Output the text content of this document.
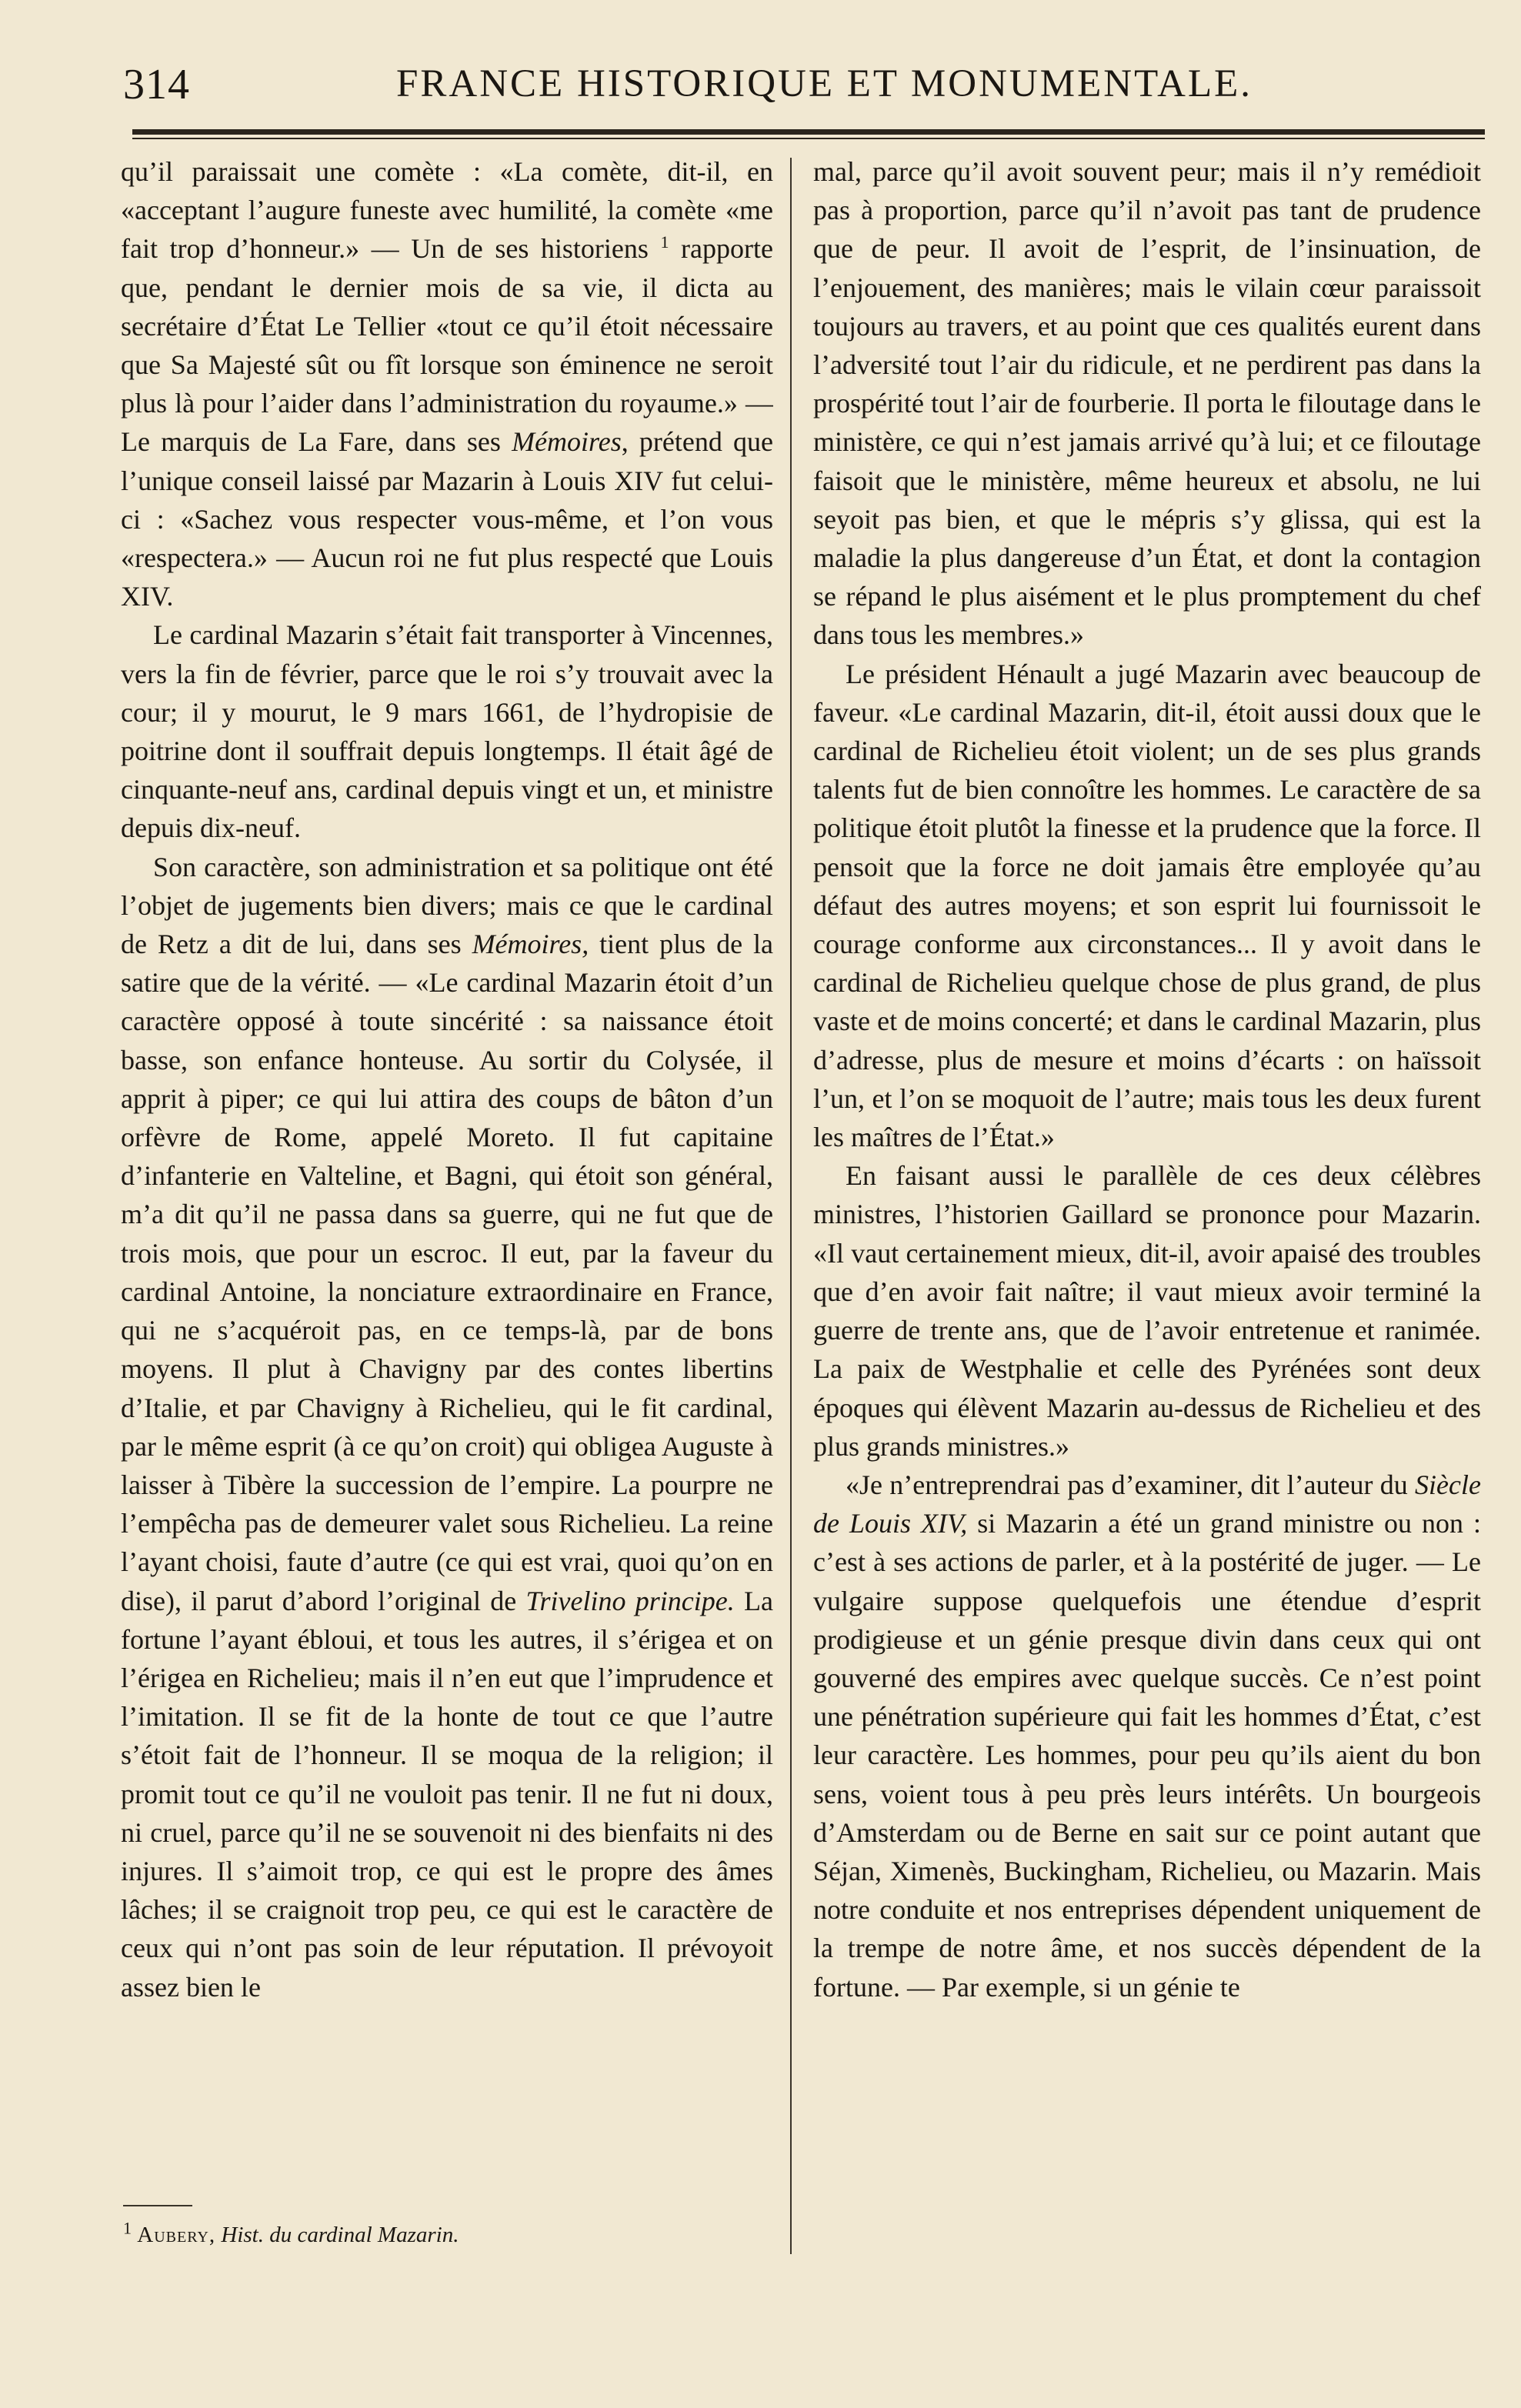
314	FRANCE HISTORIQUE ET MONUMENTALE.

qu’il paraissait une comète : «La comète, dit-il, en «acceptant l’augure funeste avec humilité, la comète «me fait trop d’honneur.» — Un de ses historiens $^1$ rapporte que, pendant le dernier mois de sa vie, il dicta au secrétaire d’État Le Tellier «tout ce qu’il étoit nécessaire que Sa Majesté sût ou fît lorsque son éminence ne seroit plus là pour l’aider dans l’administration du royaume.» — Le marquis de La Fare, dans ses Mémoires, prétend que l’unique conseil laissé par Mazarin à Louis XIV fut celui-ci : «Sachez vous respecter vous-même, et l’on vous «respectera.» — Aucun roi ne fut plus respecté que Louis XIV.

Le cardinal Mazarin s’était fait transporter à Vincennes, vers la fin de février, parce que le roi s’y trouvait avec la cour; il y mourut, le 9 mars 1661, de l’hydropisie de poitrine dont il souffrait depuis longtemps. Il était âgé de cinquante-neuf ans, cardinal depuis vingt et un, et ministre depuis dix-neuf.

Son caractère, son administration et sa politique ont été l’objet de jugements bien divers; mais ce que le cardinal de Retz a dit de lui, dans ses Mémoires, tient plus de la satire que de la vérité. — «Le cardinal Mazarin étoit d’un caractère opposé à toute sincérité : sa naissance étoit basse, son enfance honteuse. Au sortir du Colysée, il apprit à piper; ce qui lui attira des coups de bâton d’un orfèvre de Rome, appelé Moreto. Il fut capitaine d’infanterie en Valteline, et Bagni, qui étoit son général, m’a dit qu’il ne passa dans sa guerre, qui ne fut que de trois mois, que pour un escroc. Il eut, par la faveur du cardinal Antoine, la nonciature extraordinaire en France, qui ne s’acquéroit pas, en ce temps-là, par de bons moyens. Il plut à Chavigny par des contes libertins d’Italie, et par Chavigny à Richelieu, qui le fit cardinal, par le même esprit (à ce qu’on croit) qui obligea Auguste à laisser à Tibère la succession de l’empire. La pourpre ne l’empêcha pas de demeurer valet sous Richelieu. La reine l’ayant choisi, faute d’autre (ce qui est vrai, quoi qu’on en dise), il parut d’abord l’original de Trivelino principe. La fortune l’ayant ébloui, et tous les autres, il s’érigea et on l’érigea en Richelieu; mais il n’en eut que l’imprudence et l’imitation. Il se fit de la honte de tout ce que l’autre s’étoit fait de l’honneur. Il se moqua de la religion; il promit tout ce qu’il ne vouloit pas tenir. Il ne fut ni doux, ni cruel, parce qu’il ne se souvenoit ni des bienfaits ni des injures. Il s’aimoit trop, ce qui est le propre des âmes lâches; il se craignoit trop peu, ce qui est le caractère de ceux qui n’ont pas soin de leur réputation. Il prévoyoit assez bien le

mal, parce qu’il avoit souvent peur; mais il n’y remédioit pas à proportion, parce qu’il n’avoit pas tant de prudence que de peur. Il avoit de l’esprit, de l’insinuation, de l’enjouement, des manières; mais le vilain cœur paraissoit toujours au travers, et au point que ces qualités eurent dans l’adversité tout l’air du ridicule, et ne perdirent pas dans la prospérité tout l’air de fourberie. Il porta le filoutage dans le ministère, ce qui n’est jamais arrivé qu’à lui; et ce filoutage faisoit que le ministère, même heureux et absolu, ne lui seyoit pas bien, et que le mépris s’y glissa, qui est la maladie la plus dangereuse d’un État, et dont la contagion se répand le plus aisément et le plus promptement du chef dans tous les membres.»

Le président Hénault a jugé Mazarin avec beaucoup de faveur. «Le cardinal Mazarin, dit-il, étoit aussi doux que le cardinal de Richelieu étoit violent; un de ses plus grands talents fut de bien connoître les hommes. Le caractère de sa politique étoit plutôt la finesse et la prudence que la force. Il pensoit que la force ne doit jamais être employée qu’au défaut des autres moyens; et son esprit lui fournissoit le courage conforme aux circonstances... Il y avoit dans le cardinal de Richelieu quelque chose de plus grand, de plus vaste et de moins concerté; et dans le cardinal Mazarin, plus d’adresse, plus de mesure et moins d’écarts : on haïssoit l’un, et l’on se moquoit de l’autre; mais tous les deux furent les maîtres de l’État.»

En faisant aussi le parallèle de ces deux célèbres ministres, l’historien Gaillard se prononce pour Mazarin. «Il vaut certainement mieux, dit-il, avoir apaisé des troubles que d’en avoir fait naître; il vaut mieux avoir terminé la guerre de trente ans, que de l’avoir entretenue et ranimée. La paix de Westphalie et celle des Pyrénées sont deux époques qui élèvent Mazarin au-dessus de Richelieu et des plus grands ministres.»

«Je n’entreprendrai pas d’examiner, dit l’auteur du Siècle de Louis XIV, si Mazarin a été un grand ministre ou non : c’est à ses actions de parler, et à la postérité de juger. — Le vulgaire suppose quelquefois une étendue d’esprit prodigieuse et un génie presque divin dans ceux qui ont gouverné des empires avec quelque succès. Ce n’est point une pénétration supérieure qui fait les hommes d’État, c’est leur caractère. Les hommes, pour peu qu’ils aient du bon sens, voient tous à peu près leurs intérêts. Un bourgeois d’Amsterdam ou de Berne en sait sur ce point autant que Séjan, Ximenès, Buckingham, Richelieu, ou Mazarin. Mais notre conduite et nos entreprises dépendent uniquement de la trempe de notre âme, et nos succès dépendent de la fortune. — Par exemple, si un génie te

$^1$ Aubery, Hist. du cardinal Mazarin.
